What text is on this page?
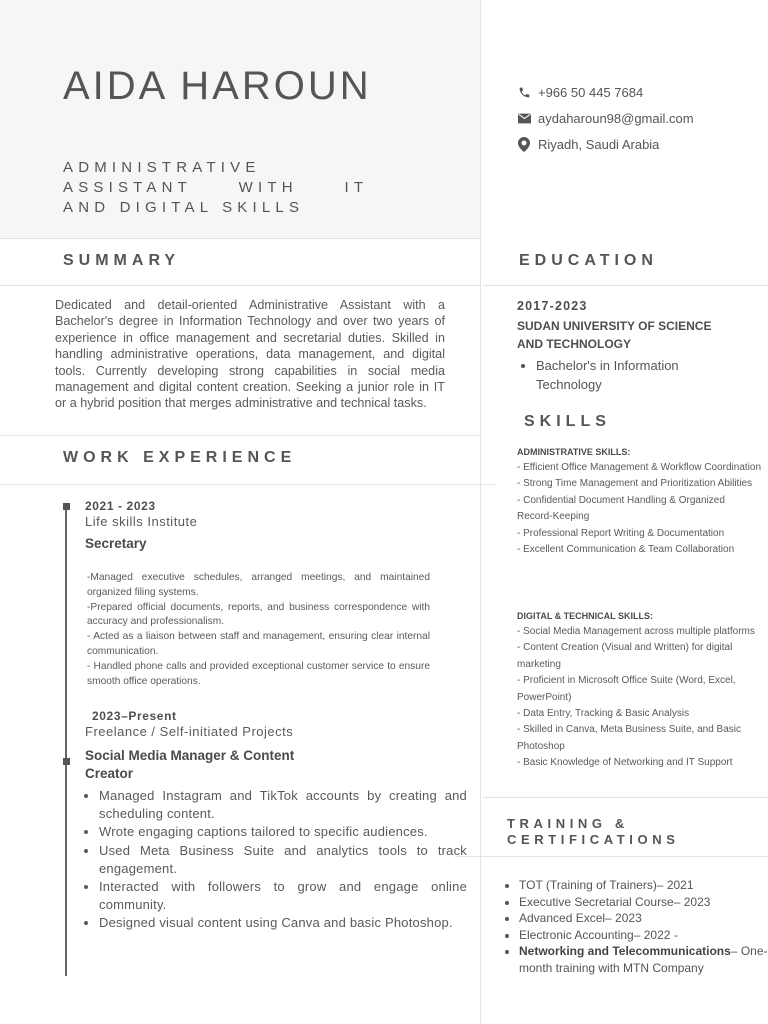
AIDA HAROUN
ADMINISTRATIVE
ASSISTANT     WITH     IT
AND DIGITAL SKILLS
+966 50 445 7684
aydaharoun98@gmail.com
Riyadh, Saudi Arabia
SUMMARY	EDUCATION
WORK EXPERIENCE
SKILLS
TRAINING &
CERTIFICATIONS
Dedicated and detail-oriented Administrative Assistant with a Bachelor's degree in Information Technology and over two years of experience in office management and secretarial duties. Skilled in handling administrative operations, data management, and digital tools. Currently developing strong capabilities in social media management and digital content creation. Seeking a junior role in IT or a hybrid position that merges administrative and technical tasks.
2021 - 2023
Life skills Institute
Secretary

-Managed executive schedules, arranged meetings, and maintained organized filing systems.

-Prepared official documents, reports, and business correspondence with accuracy and professionalism.

- Acted as a liaison between staff and management, ensuring clear internal communication.

- Handled phone calls and provided exceptional customer service to ensure smooth office operations.

2023–Present
Freelance / Self-initiated Projects
Social Media Manager & Content Creator
• Managed Instagram and TikTok accounts by creating and scheduling content.
• Wrote engaging captions tailored to specific audiences.
• Used Meta Business Suite and analytics tools to track engagement.
• Interacted with followers to grow and engage online community.
• Designed visual content using Canva and basic Photoshop.
2017-2023
SUDAN UNIVERSITY OF SCIENCE AND TECHNOLOGY
• Bachelor's in Information Technology
ADMINISTRATIVE SKILLS:
- Efficient Office Management & Workflow Coordination
- Strong Time Management and Prioritization Abilities
- Confidential Document Handling & Organized Record-Keeping
- Professional Report Writing & Documentation
- Excellent Communication & Team Collaboration
DIGITAL & TECHNICAL SKILLS:
- Social Media Management across multiple platforms
- Content Creation (Visual and Written) for digital marketing
- Proficient in Microsoft Office Suite (Word, Excel, PowerPoint)
- Data Entry, Tracking & Basic Analysis
- Skilled in Canva, Meta Business Suite, and Basic Photoshop
- Basic Knowledge of Networking and IT Support
• TOT (Training of Trainers)– 2021
• Executive Secretarial Course– 2023
• Advanced Excel– 2023
• Electronic Accounting– 2022 -
• Networking and Telecommunications– One-month training with MTN Company
